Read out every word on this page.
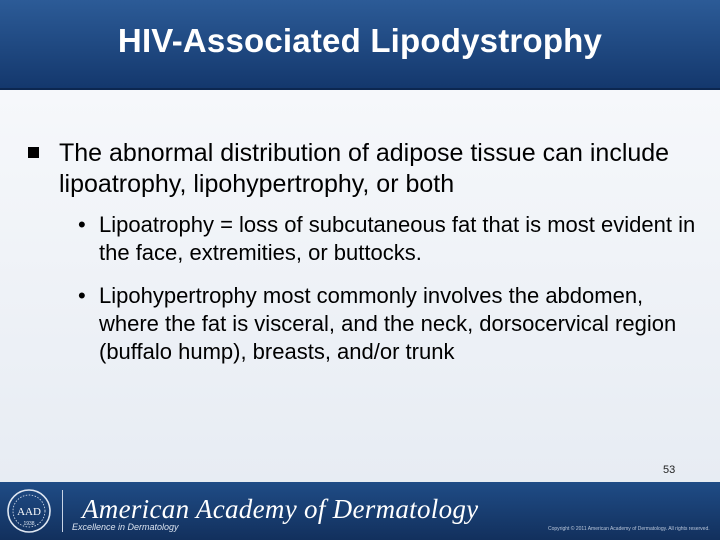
HIV-Associated Lipodystrophy
The abnormal distribution of adipose tissue can include lipoatrophy, lipohypertrophy, or both
• Lipoatrophy = loss of subcutaneous fat that is most evident in the face, extremities, or buttocks.
• Lipohypertrophy most commonly involves the abdomen, where the fat is visceral, and the neck, dorsocervical region (buffalo hump), breasts, and/or trunk
53
AAD
1938 American Academy of Dermatology
Excellence in Dermatology	Copyright © 2011 American Academy of Dermatology. All rights reserved.
